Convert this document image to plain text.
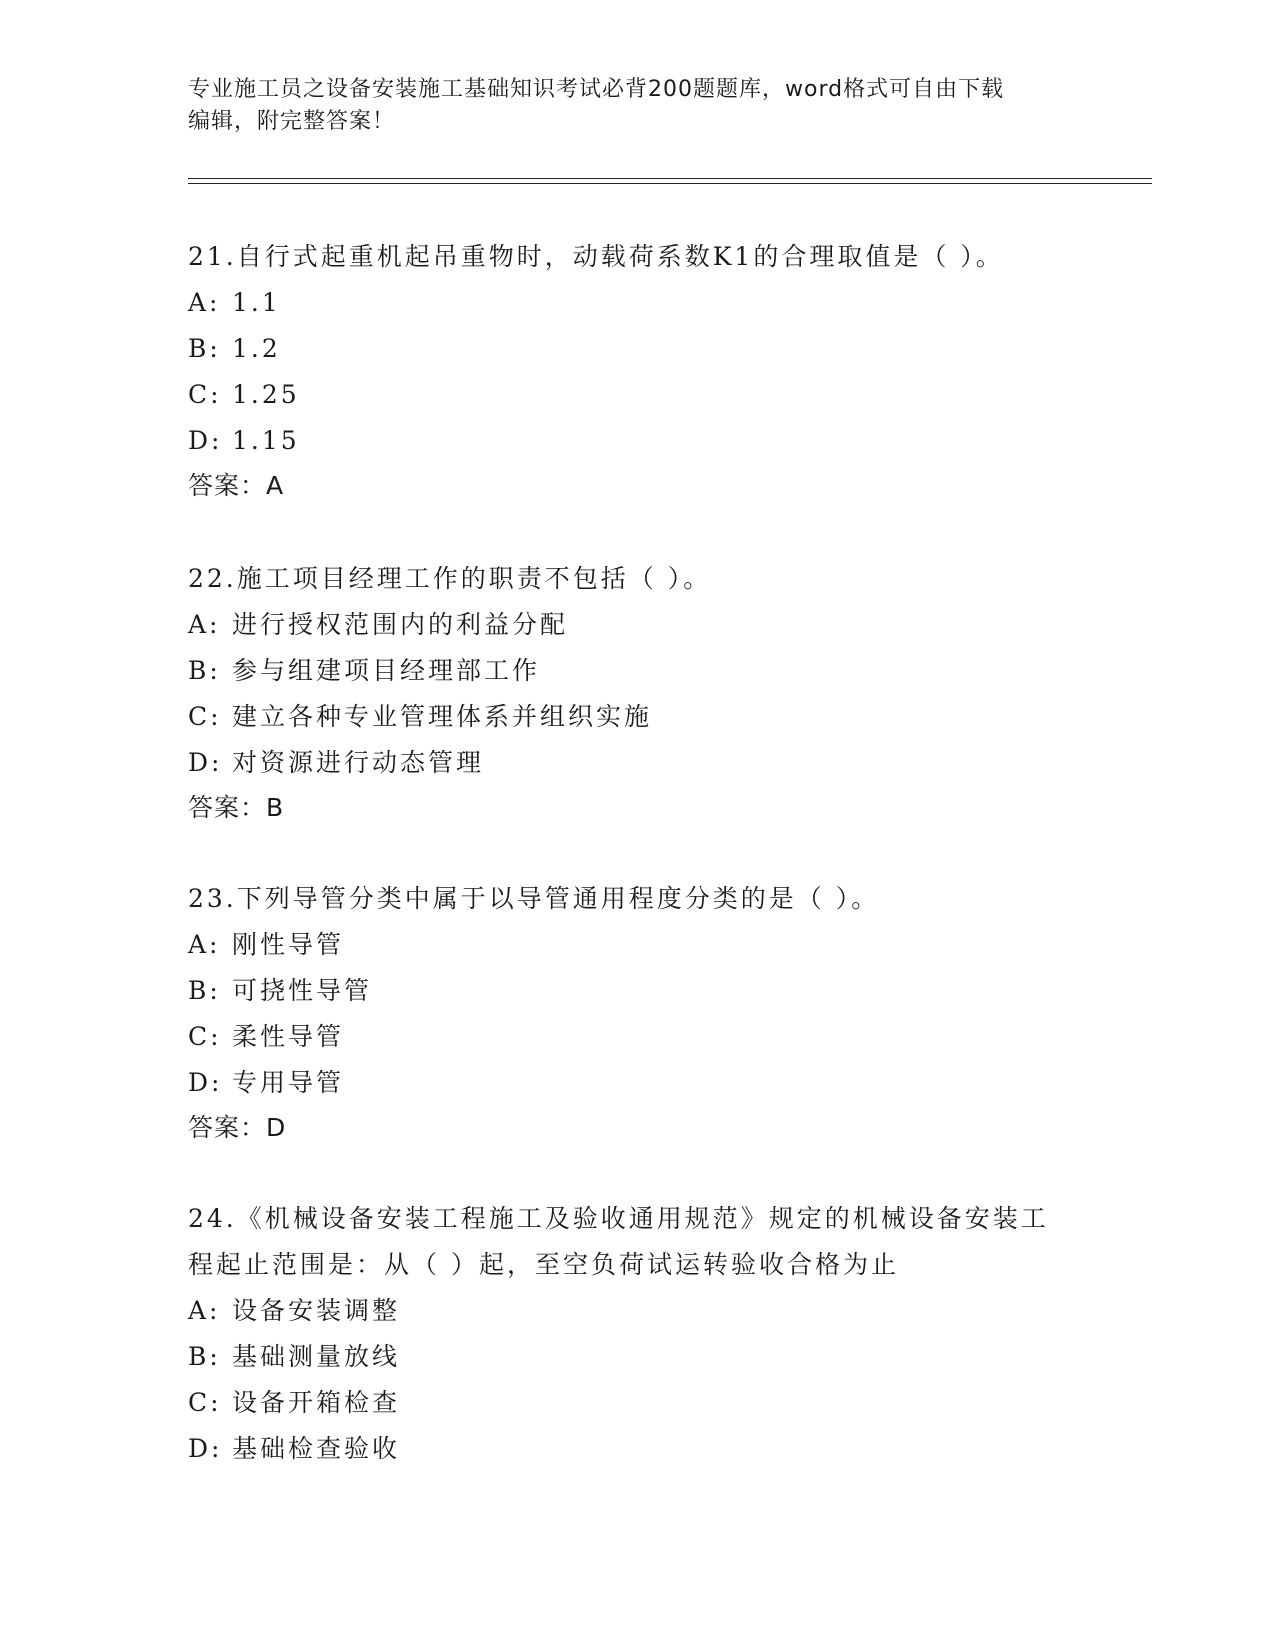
专业施工员之设备安装施工基础知识考试必背200题题库，word格式可自由下载
编辑，附完整答案！

21.自行式起重机起吊重物时，动载荷系数K1的合理取值是（ ）。

A: 1.1

B: 1.2

C: 1.25

D: 1.15

答案：A

22.施工项目经理工作的职责不包括（ ）。

A: 进行授权范围内的利益分配

B: 参与组建项目经理部工作

C: 建立各种专业管理体系并组织实施

D: 对资源进行动态管理

答案：B

23.下列导管分类中属于以导管通用程度分类的是（ ）。

A: 刚性导管

B: 可挠性导管

C: 柔性导管

D: 专用导管

答案：D

24.《机械设备安装工程施工及验收通用规范》规定的机械设备安装工

程起止范围是：从（ ）起，至空负荷试运转验收合格为止

A: 设备安装调整

B: 基础测量放线

C: 设备开箱检查

D: 基础检查验收
